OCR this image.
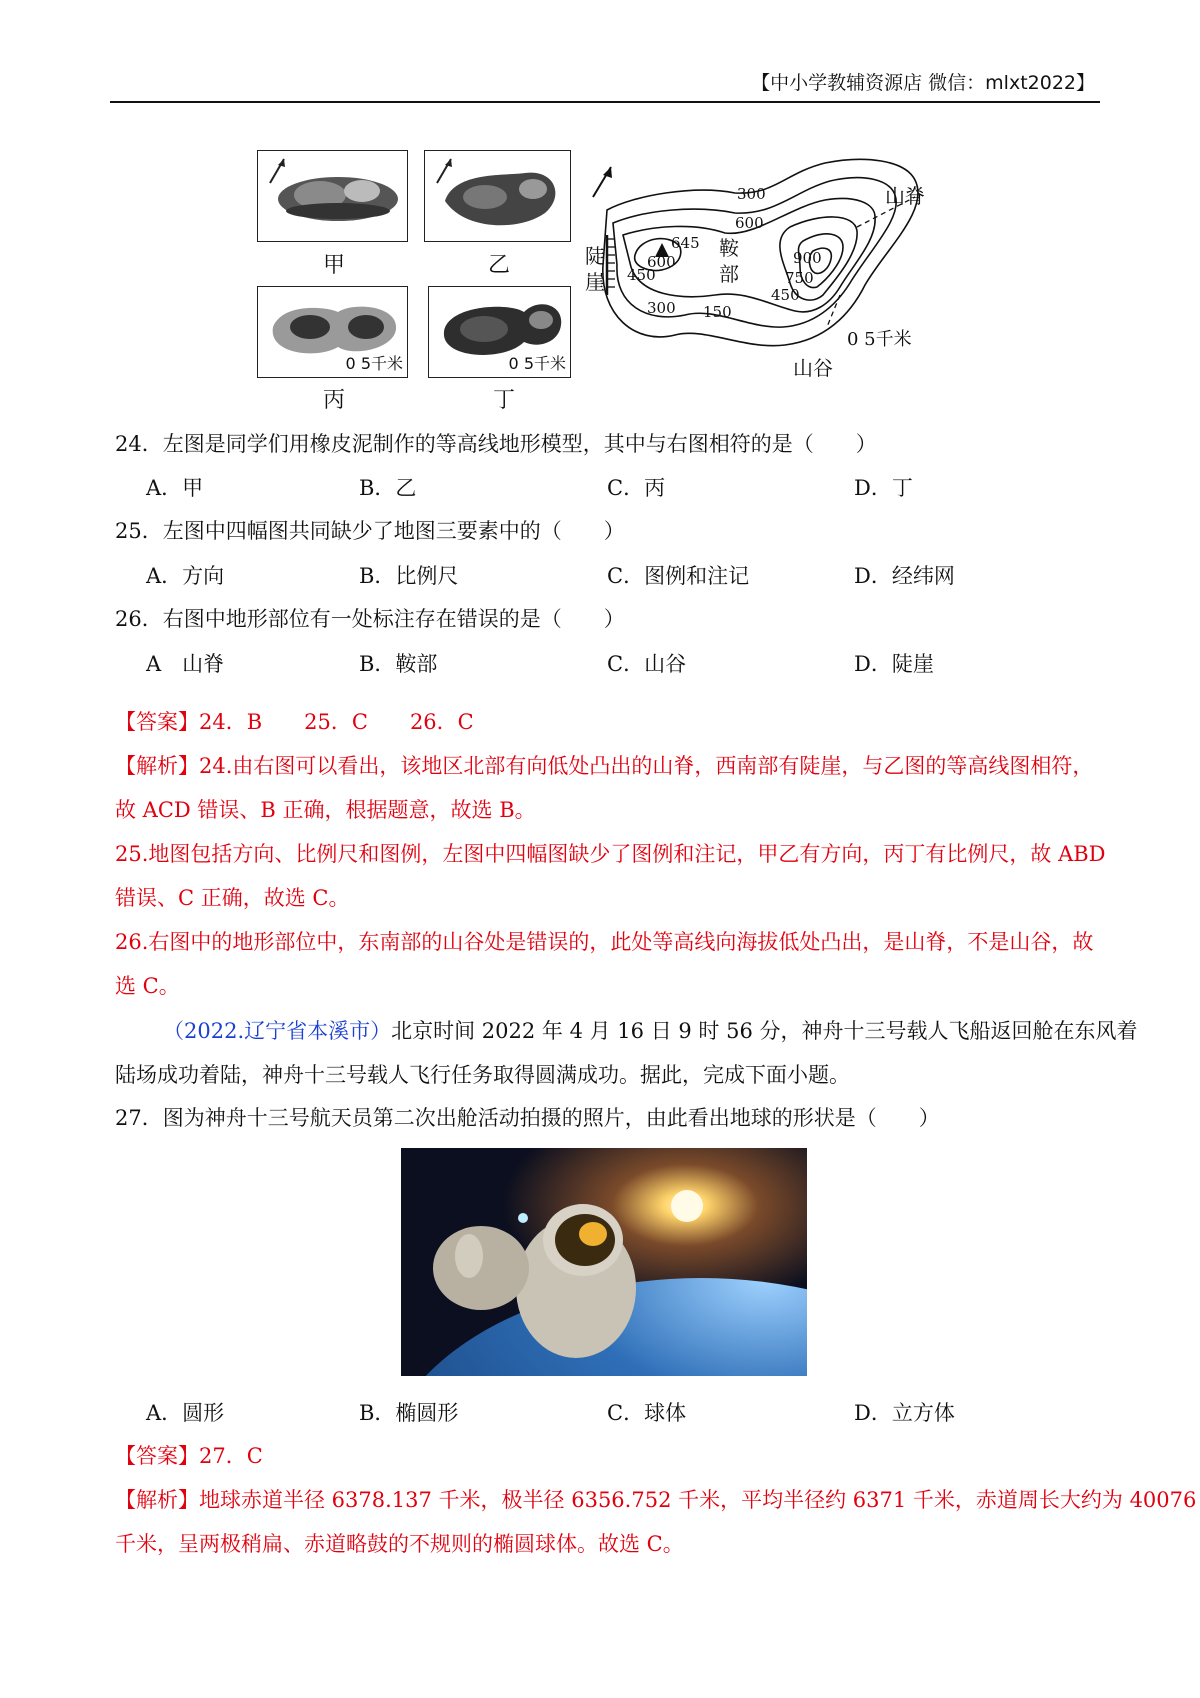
【中小学教辅资源店 微信：mlxt2022】
甲	乙
0 5千米
丙
0 5千米
丁
300
600
645
600
450
300 150
450
750
900
山脊
鞍
部
陡
崖
山谷
0 5千米
24．左图是同学们用橡皮泥制作的等高线地形模型，其中与右图相符的是（　　）
A．甲	B．乙	C．丙	D．丁
25．左图中四幅图共同缺少了地图三要素中的（　　）
A．方向	B．比例尺	C．图例和注记	D．经纬网
26．右图中地形部位有一处标注存在错误的是（　　）
A　山脊	B．鞍部	C．山谷	D．陡崖
【答案】24．B　　25．C　　26．C
【解析】24.由右图可以看出，该地区北部有向低处凸出的山脊，西南部有陡崖，与乙图的等高线图相符，
故 ACD 错误、B 正确，根据题意，故选 B。
25.地图包括方向、比例尺和图例，左图中四幅图缺少了图例和注记，甲乙有方向，丙丁有比例尺，故 ABD
错误、C 正确，故选 C。
26.右图中的地形部位中，东南部的山谷处是错误的，此处等高线向海拔低处凸出，是山脊，不是山谷，故
选 C。
（2022.辽宁省本溪市）北京时间 2022 年 4 月 16 日 9 时 56 分，神舟十三号载人飞船返回舱在东风着
陆场成功着陆，神舟十三号载人飞行任务取得圆满成功。据此，完成下面小题。
27．图为神舟十三号航天员第二次出舱活动拍摄的照片，由此看出地球的形状是（　　）
A．圆形	B．椭圆形	C．球体	D．立方体
【答案】27．C
【解析】地球赤道半径 6378.137 千米，极半径 6356.752 千米，平均半径约 6371 千米，赤道周长大约为 40076
千米，呈两极稍扁、赤道略鼓的不规则的椭圆球体。故选 C。
